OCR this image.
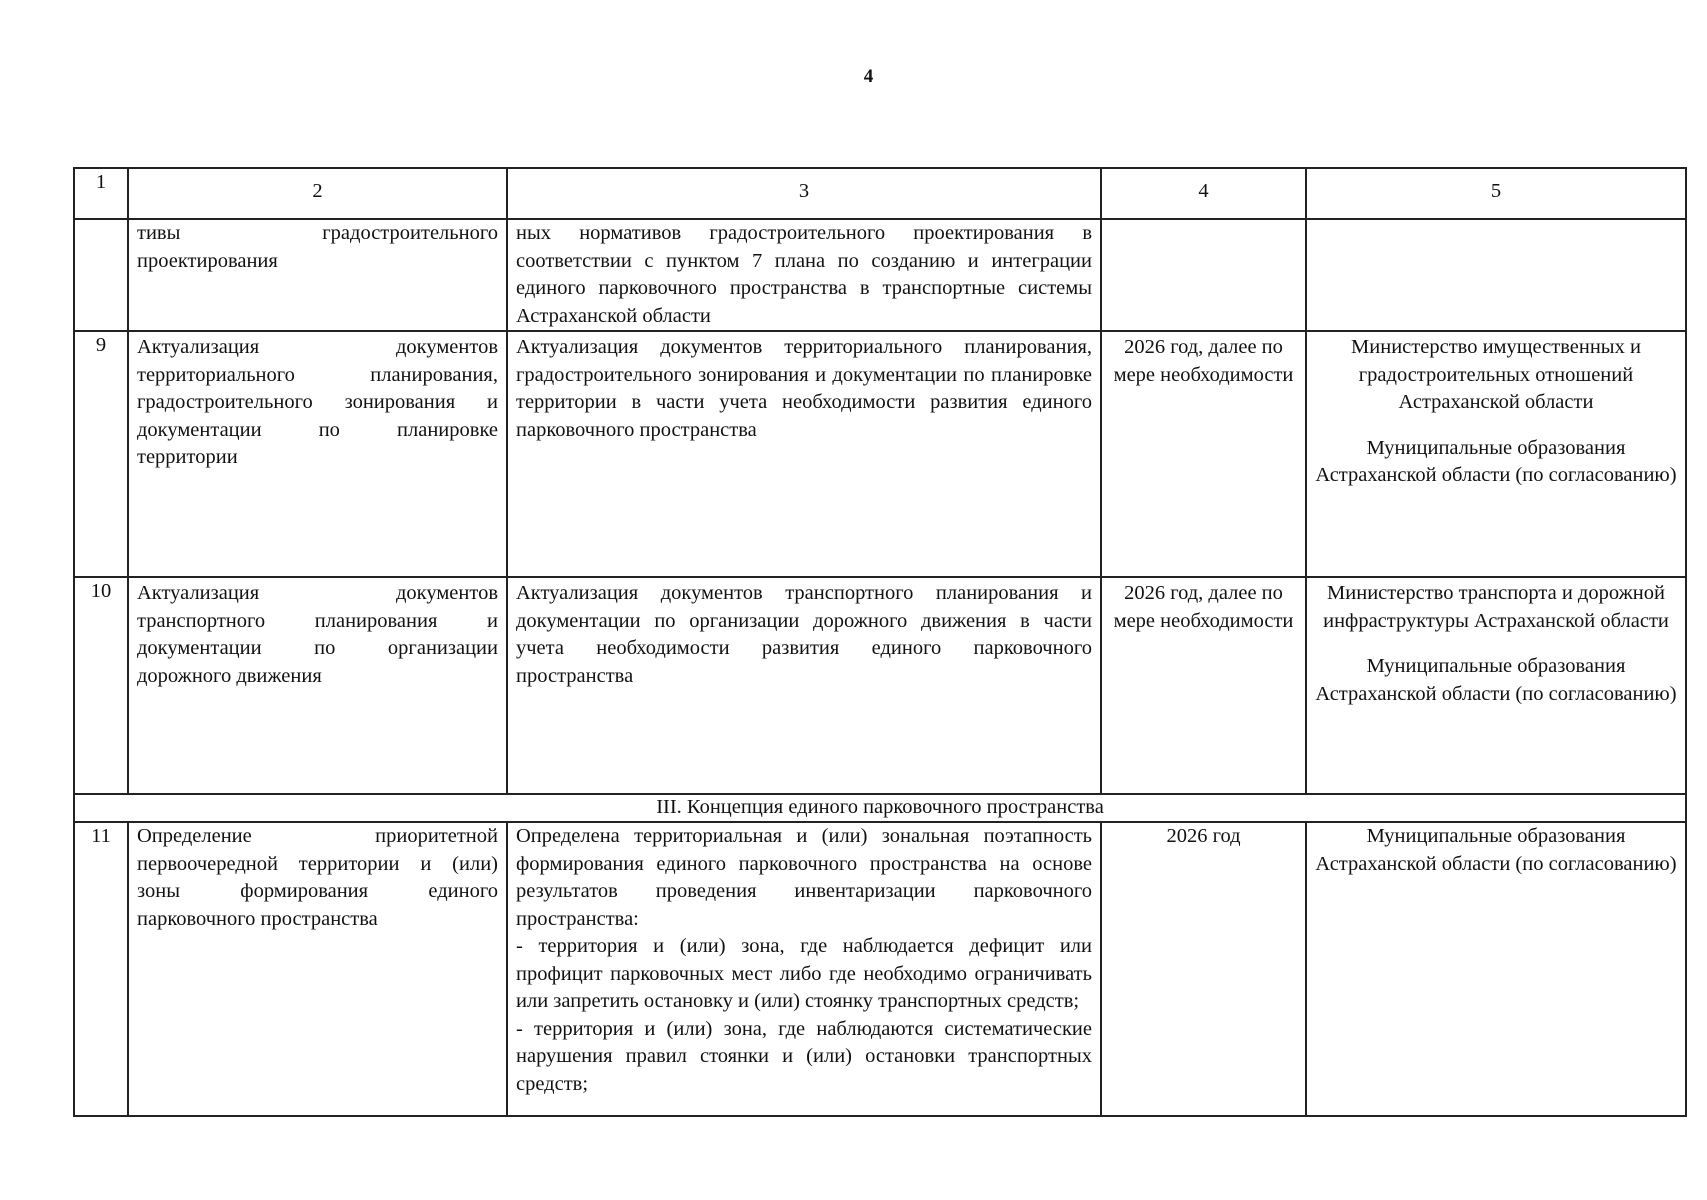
4
1	2	3	4	5
	тивы градостроительного проектирования	ных нормативов градостроительного проектирования в соответствии с пунктом 7 плана по созданию и интеграции единого парковочного пространства в транспортные системы Астраханской области		
9	Актуализация документов территориального планирования, градостроительного зонирования и документации по планировке территории	Актуализация документов территориального планирования, градостроительного зонирования и документации по планировке территории в части учета необходимости развития единого парковочного пространства	2026 год, далее по мере необходимости	Министерство имущественных и градостроительных отношений Астраханской области
Муниципальные образования Астраханской области (по согласованию)

10	Актуализация документов транспортного планирования и документации по организации дорожного движения	Актуализация документов транспортного планирования и документации по организации дорожного движения в части учета необходимости развития единого парковочного пространства	2026 год, далее по мере необходимости	Министерство транспорта и дорожной инфраструктуры Астраханской области
Муниципальные образования Астраханской области (по согласованию)

III. Концепция единого парковочного пространства				
11	Определение приоритетной первоочередной территории и (или) зоны формирования единого парковочного пространства	Определена территориальная и (или) зональная поэтапность формирования единого парковочного пространства на основе результатов проведения инвентаризации парковочного пространства:
- территория и (или) зона, где наблюдается дефицит или профицит парковочных мест либо где необходимо ограничивать или запретить остановку и (или) стоянку транспортных средств;
- территория и (или) зона, где наблюдаются систематические нарушения правил стоянки и (или) остановки транспортных средств;	2026 год	Муниципальные образования Астраханской области (по согласованию)
